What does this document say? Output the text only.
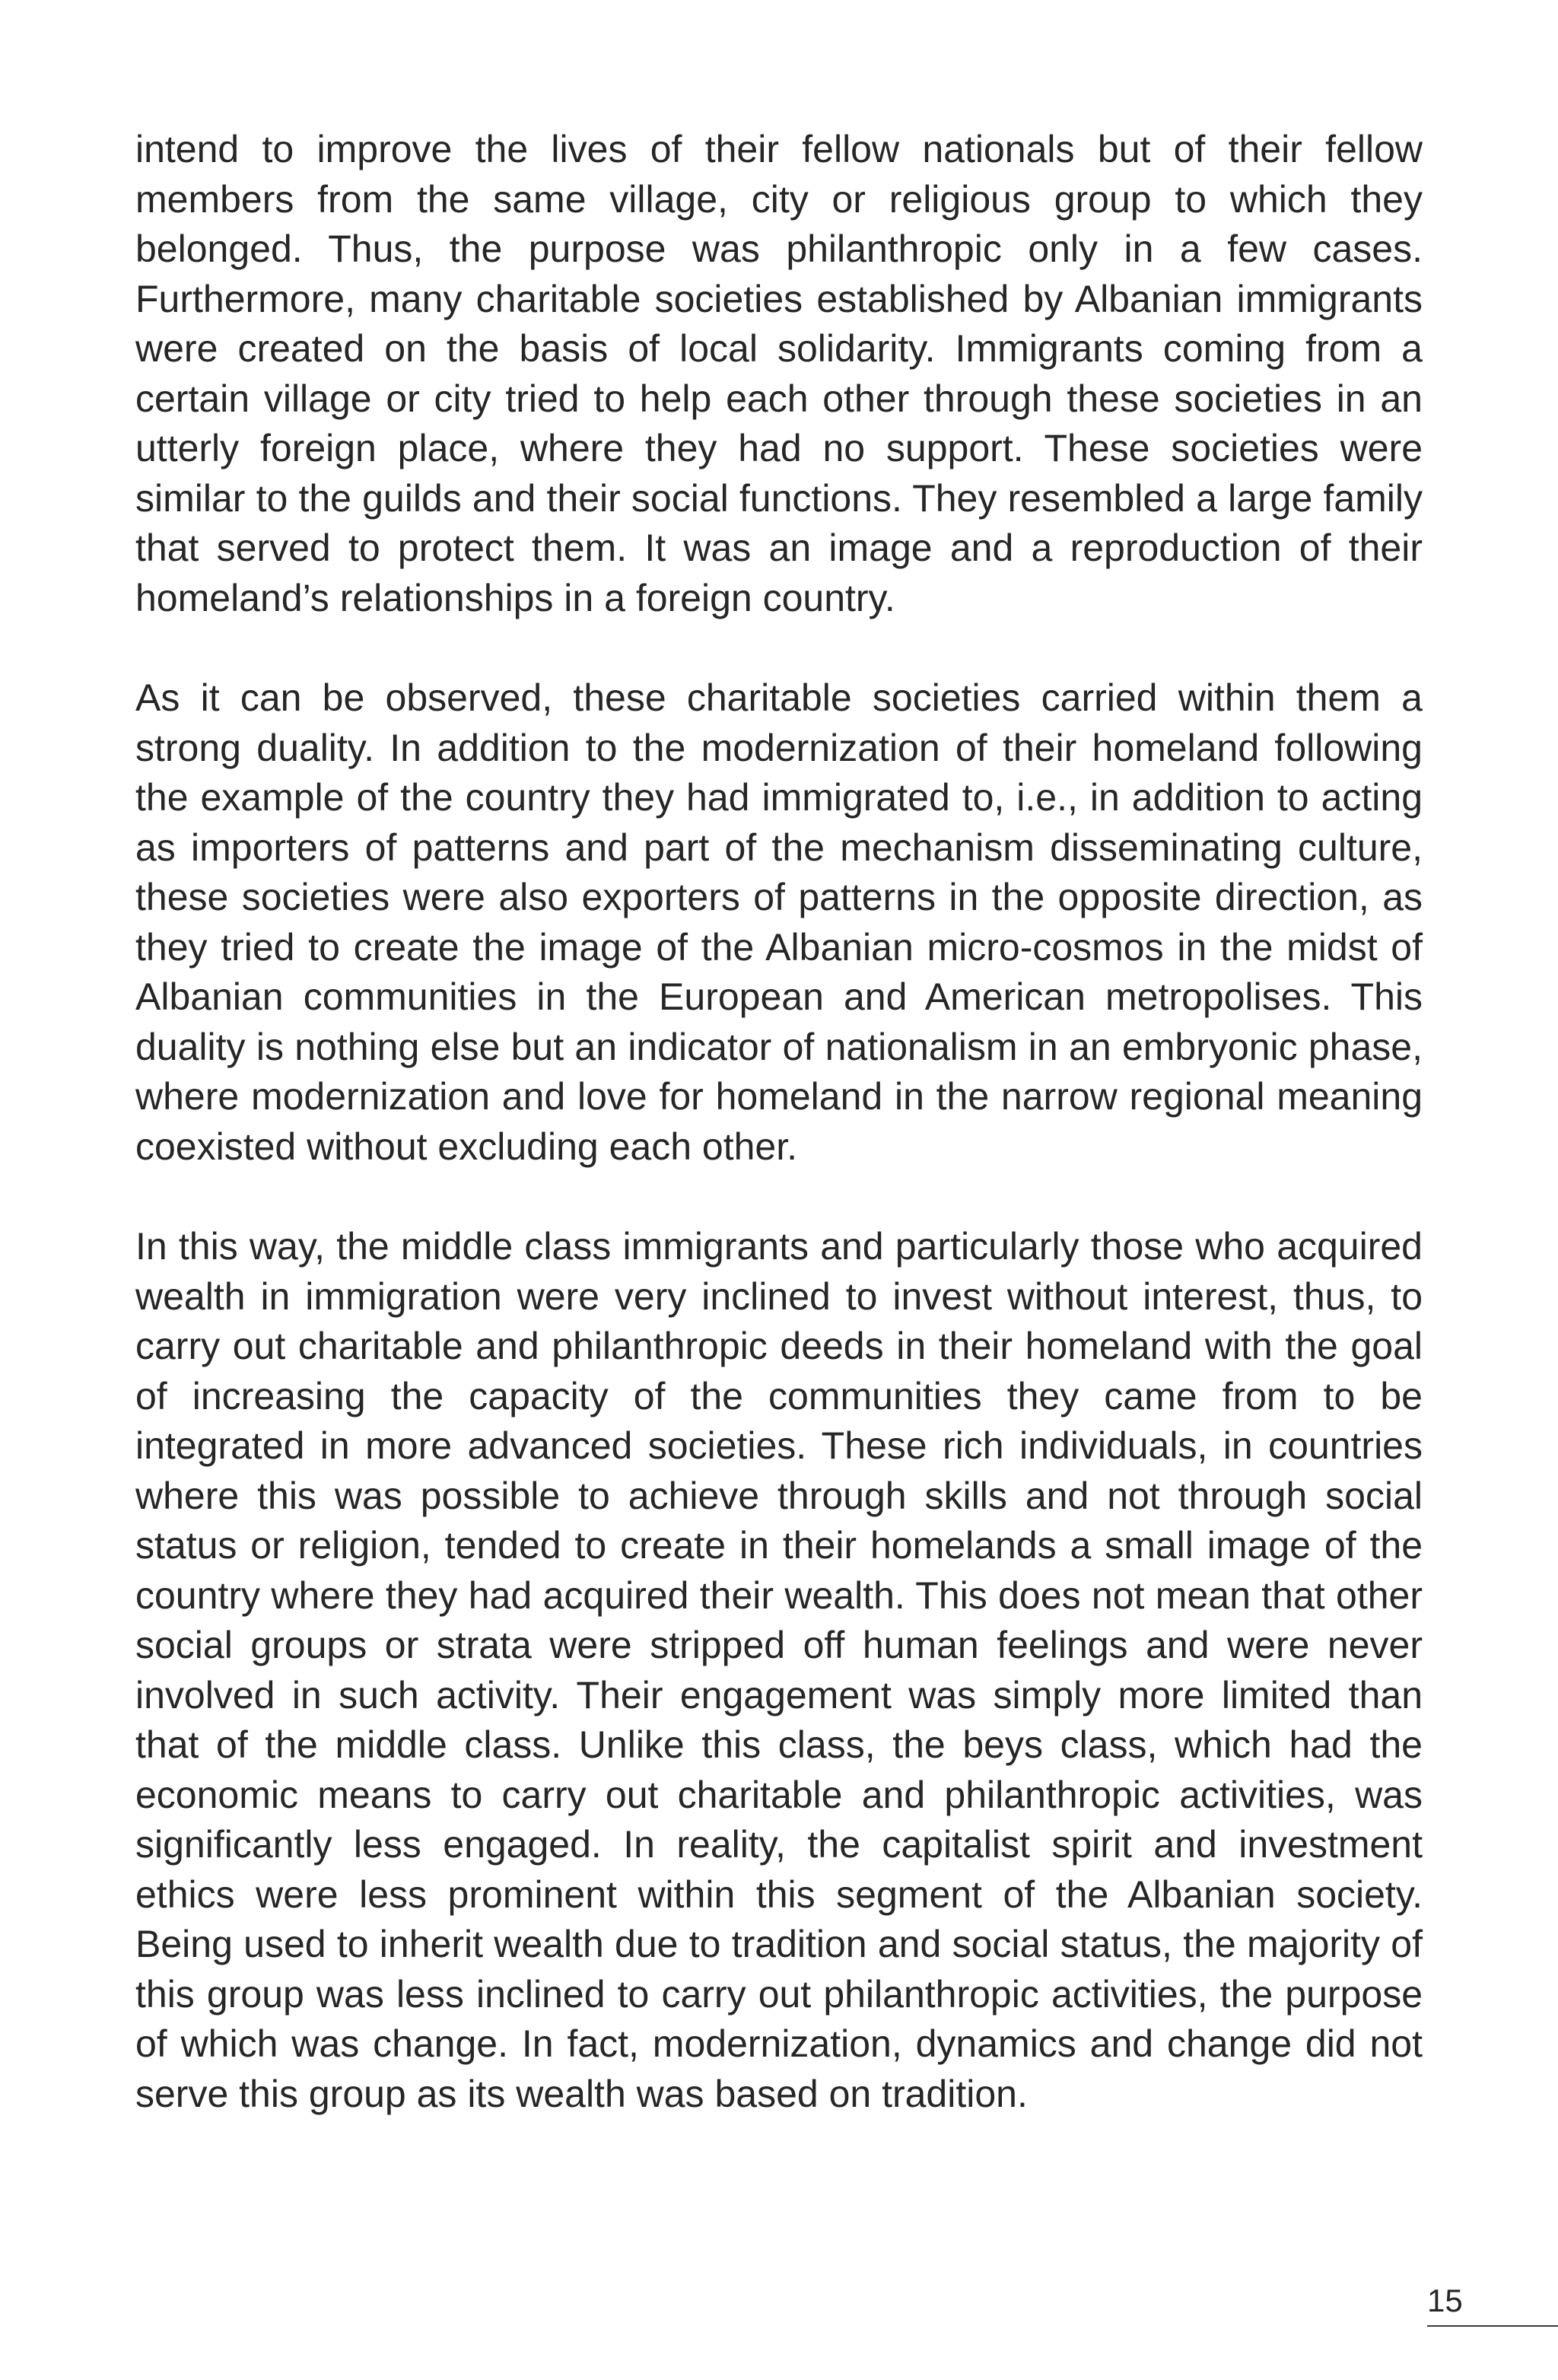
intend to improve the lives of their fellow nationals but of their fellow members from the same village, city or religious group to which they belonged. Thus, the purpose was philanthropic only in a few cases. Furthermore, many charitable societies established by Albanian immigrants were created on the basis of local solidarity. Immigrants coming from a certain village or city tried to help each other through these societies in an utterly foreign place, where they had no support. These societies were similar to the guilds and their social functions. They resembled a large family that served to protect them. It was an image and a reproduction of their homeland’s relationships in a foreign country.

As it can be observed, these charitable societies carried within them a strong duality. In addition to the modernization of their homeland following the example of the country they had immigrated to, i.e., in addition to acting as importers of patterns and part of the mechanism disseminating culture, these societies were also exporters of patterns in the opposite direction, as they tried to create the image of the Albanian micro-cosmos in the midst of Albanian communities in the European and American metropolises. This duality is nothing else but an indicator of nationalism in an embryonic phase, where modernization and love for homeland in the narrow regional meaning coexisted without excluding each other.

In this way, the middle class immigrants and particularly those who acquired wealth in immigration were very inclined to invest without interest, thus, to carry out charitable and philanthropic deeds in their homeland with the goal of increasing the capacity of the communities they came from to be integrated in more advanced societies. These rich individuals, in countries where this was possible to achieve through skills and not through social status or religion, tended to create in their homelands a small image of the country where they had acquired their wealth. This does not mean that other social groups or strata were stripped off human feelings and were never involved in such activity. Their engagement was simply more limited than that of the middle class. Unlike this class, the beys class, which had the economic means to carry out charitable and philanthropic activities, was significantly less engaged. In reality, the capitalist spirit and investment ethics were less prominent within this segment of the Albanian society. Being used to inherit wealth due to tradition and social status, the majority of this group was less inclined to carry out philanthropic activities, the purpose of which was change. In fact, modernization, dynamics and change did not serve this group as its wealth was based on tradition.

15
